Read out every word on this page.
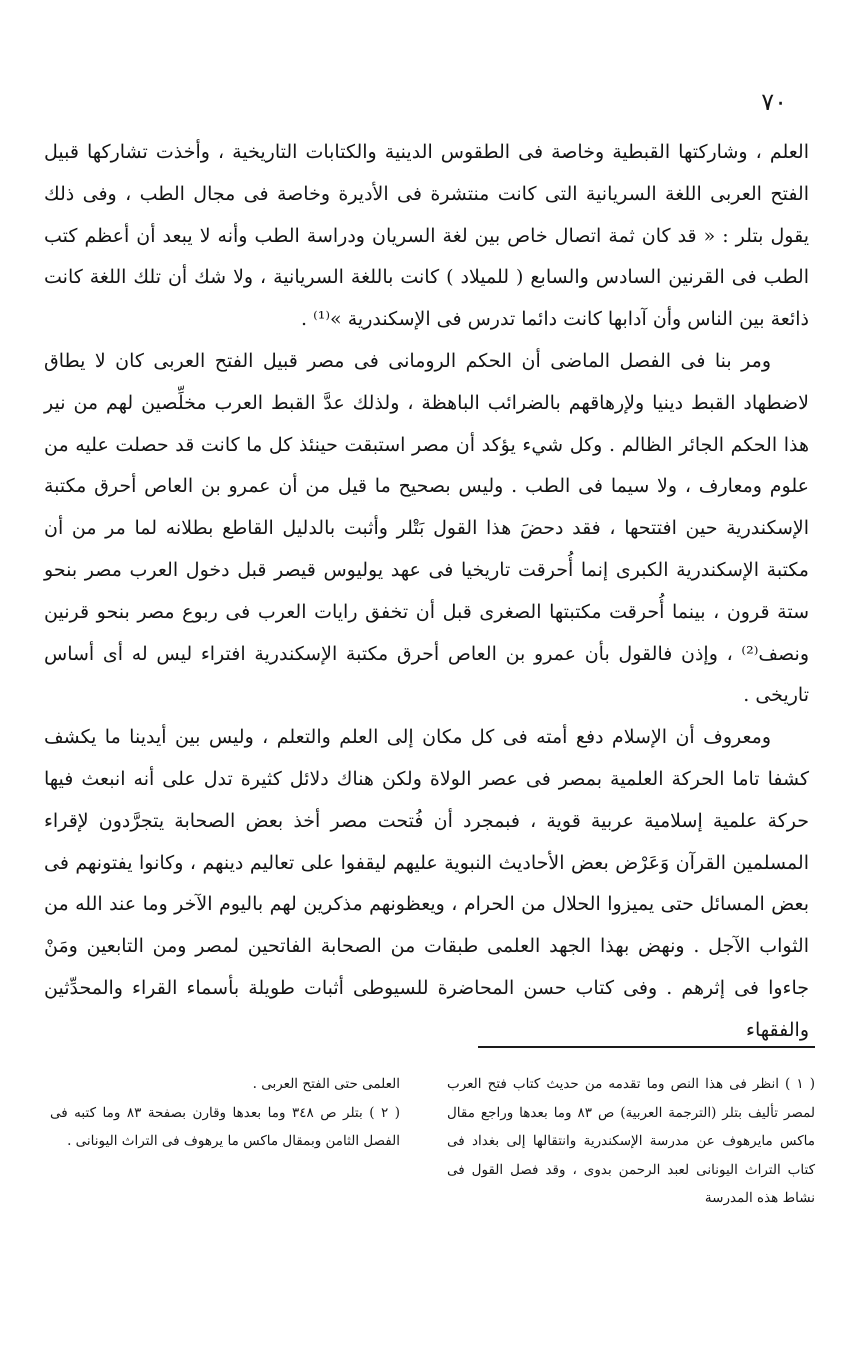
٧٠

العلم ، وشاركتها القبطية وخاصة فى الطقوس الدينية والكتابات التاريخية ، وأخذت تشاركها قبيل الفتح العربى اللغة السريانية التى كانت منتشرة فى الأديرة وخاصة فى مجال الطب ، وفى ذلك يقول بتلر : « قد كان ثمة اتصال خاص بين لغة السريان ودراسة الطب وأنه لا يبعد أن أعظم كتب الطب فى القرنين السادس والسابع ( للميلاد ) كانت باللغة السريانية ، ولا شك أن تلك اللغة كانت ذائعة بين الناس وأن آدابها كانت دائما تدرس فى الإسكندرية »⁽¹⁾ .

ومر بنا فى الفصل الماضى أن الحكم الرومانى فى مصر قبيل الفتح العربى كان لا يطاق لاضطهاد القبط دينيا ولإرهاقهم بالضرائب الباهظة ، ولذلك عدَّ القبط العرب مخلِّصين لهم من نير هذا الحكم الجائر الظالم . وكل شيء يؤكد أن مصر استبقت حينئذ كل ما كانت قد حصلت عليه من علوم ومعارف ، ولا سيما فى الطب . وليس بصحيح ما قيل من أن عمرو بن العاص أحرق مكتبة الإسكندرية حين افتتحها ، فقد دحضَ هذا القول بَتْلر وأثبت بالدليل القاطع بطلانه لما مر من أن مكتبة الإسكندرية الكبرى إنما أُحرقت تاريخيا فى عهد يوليوس قيصر قبل دخول العرب مصر بنحو ستة قرون ، بينما أُحرقت مكتبتها الصغرى قبل أن تخفق رايات العرب فى ربوع مصر بنحو قرنين ونصف⁽²⁾ ، وإذن فالقول بأن عمرو بن العاص أحرق مكتبة الإسكندرية افتراء ليس له أى أساس تاريخى .

ومعروف أن الإسلام دفع أمته فى كل مكان إلى العلم والتعلم ، وليس بين أيدينا ما يكشف كشفا تاما الحركة العلمية بمصر فى عصر الولاة ولكن هناك دلائل كثيرة تدل على أنه انبعث فيها حركة علمية إسلامية عربية قوية ، فبمجرد أن فُتحت مصر أخذ بعض الصحابة يتجرَّدون لإقراء المسلمين القرآن وَعَرْض بعض الأحاديث النبوية عليهم ليقفوا على تعاليم دينهم ، وكانوا يفتونهم فى بعض المسائل حتى يميزوا الحلال من الحرام ، ويعظونهم مذكرين لهم باليوم الآخر وما عند الله من الثواب الآجل . ونهض بهذا الجهد العلمى طبقات من الصحابة الفاتحين لمصر ومن التابعين ومَنْ جاءوا فى إثرهم . وفى كتاب حسن المحاضرة للسيوطى أثبات طويلة بأسماء القراء والمحدِّثين والفقهاء

( ١ ) انظر فى هذا النص وما تقدمه من حديث كتاب فتح العرب لمصر تأليف بتلر (الترجمة العربية) ص ٨٣ وما بعدها وراجع مقال ماكس مايرهوف عن مدرسة الإسكندرية وانتقالها إلى بغداد فى كتاب التراث اليونانى لعبد الرحمن بدوى ، وقد فصل القول فى نشاط هذه المدرسة

العلمى حتى الفتح العربى .

( ٢ ) بتلر ص ٣٤٨ وما بعدها وقارن بصفحة ٨٣ وما كتبه فى الفصل الثامن وبمقال ماكس ما يرهوف فى التراث اليونانى .
